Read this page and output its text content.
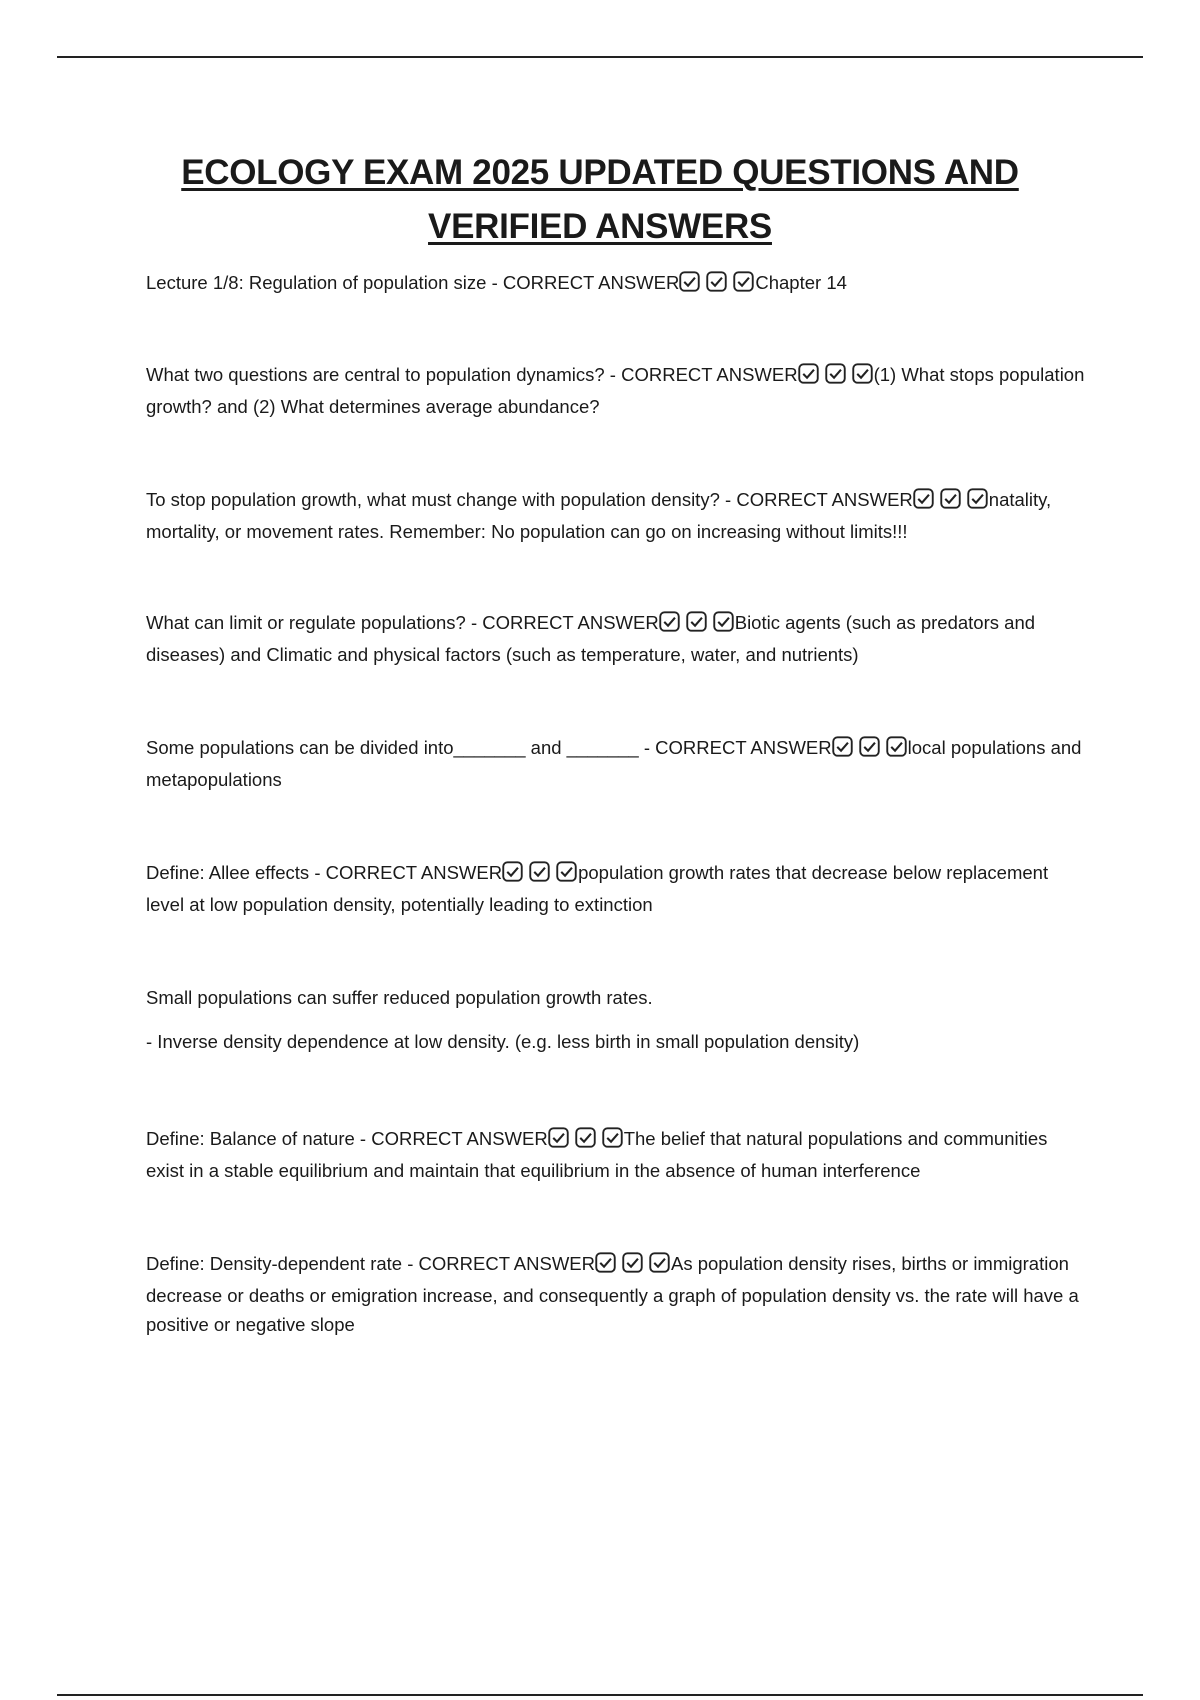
ECOLOGY EXAM 2025 UPDATED QUESTIONS AND
VERIFIED ANSWERS

Lecture 1/8: Regulation of population size - CORRECT ANSWER	Chapter 14

What two questions are central to population dynamics? - CORRECT ANSWER	(1) What stops population growth? and (2) What determines average abundance?

To stop population growth, what must change with population density? - CORRECT ANSWER	natality, mortality, or movement rates. Remember: No population can go on increasing without limits!!!

What can limit or regulate populations? - CORRECT ANSWER	Biotic agents (such as predators and diseases) and Climatic and physical factors (such as temperature, water, and nutrients)

Some populations can be divided into_______ and _______ - CORRECT ANSWER	local populations and metapopulations

Define: Allee effects - CORRECT ANSWER	population growth rates that decrease below replacement level at low population density, potentially leading to extinction

Small populations can suffer reduced population growth rates.

- Inverse density dependence at low density. (e.g. less birth in small population density)

Define: Balance of nature - CORRECT ANSWER	The belief that natural populations and communities exist in a stable equilibrium and maintain that equilibrium in the absence of human interference

Define: Density-dependent rate - CORRECT ANSWER	As population density rises, births or immigration decrease or deaths or emigration increase, and consequently a graph of population density vs. the rate will have a positive or negative slope
